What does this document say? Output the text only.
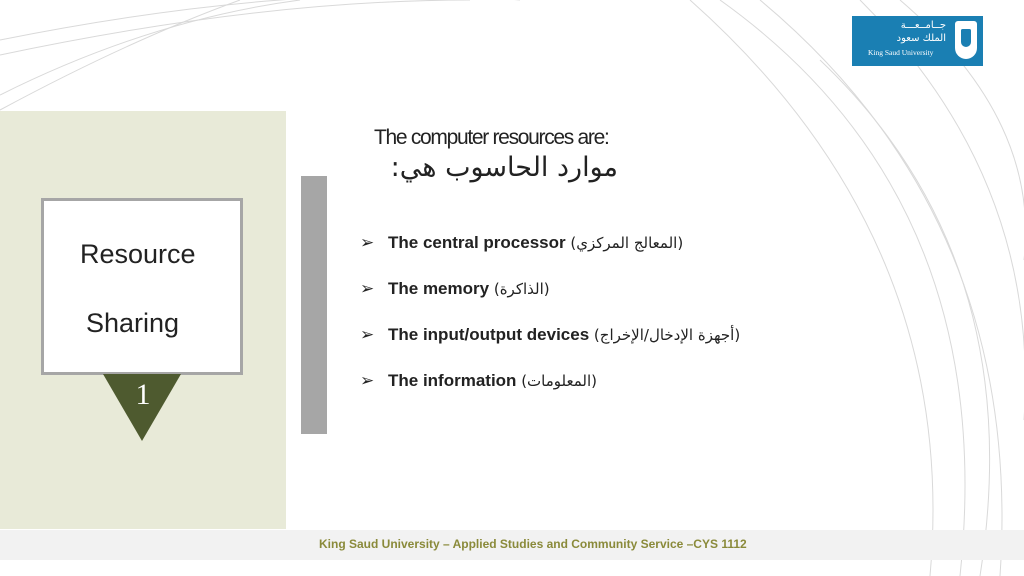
جــامــعـــة
الملك سعود
King Saud University
Resource
Sharing
1
The computer resources are:
موارد الحاسوب هي:
➢ The central processor (المعالج المركزي)
➢ The memory (الذاكرة)
➢ The input/output devices (أجهزة الإدخال/الإخراج)
➢ The information (المعلومات)
King Saud University – Applied Studies and Community Service –CYS 1112
